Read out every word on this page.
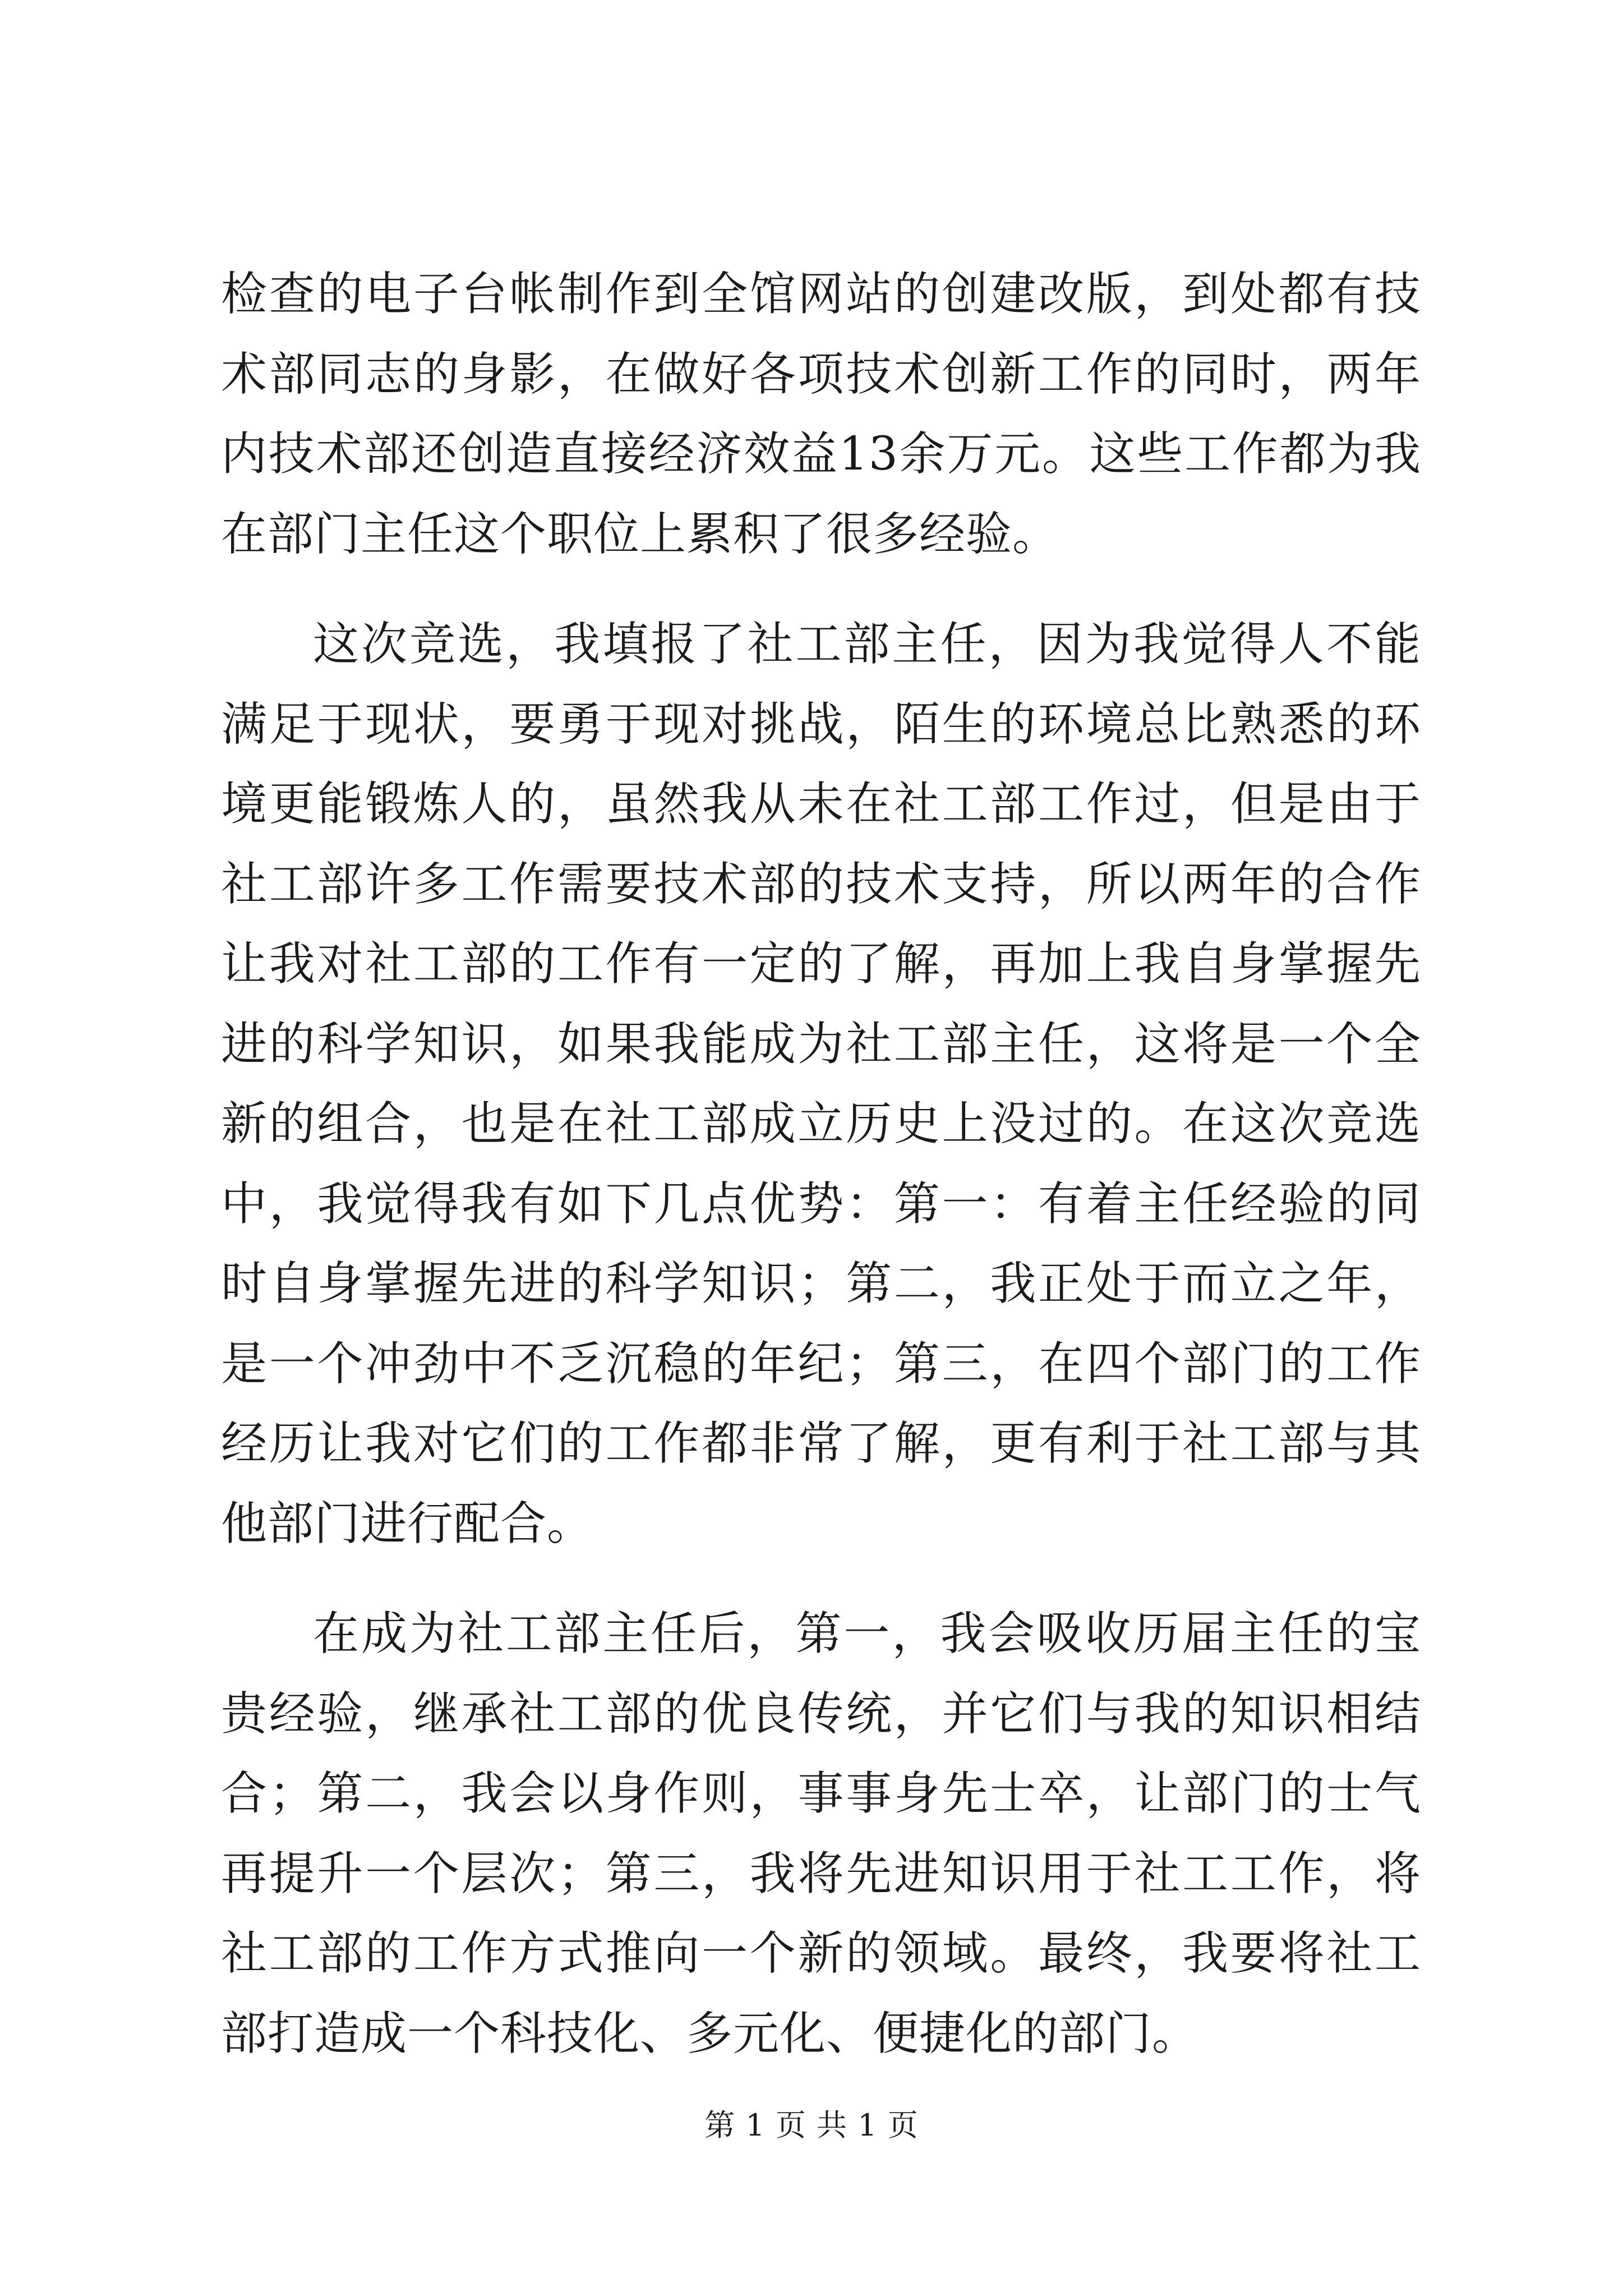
检查的电子台帐制作到全馆网站的创建改版，到处都有技术部同志的身影，在做好各项技术创新工作的同时，两年内技术部还创造直接经济效益13余万元。这些工作都为我在部门主任这个职位上累积了很多经验。

这次竞选，我填报了社工部主任，因为我觉得人不能满足于现状，要勇于现对挑战，陌生的环境总比熟悉的环境更能锻炼人的，虽然我从未在社工部工作过，但是由于社工部许多工作需要技术部的技术支持，所以两年的合作让我对社工部的工作有一定的了解，再加上我自身掌握先进的科学知识，如果我能成为社工部主任，这将是一个全新的组合，也是在社工部成立历史上没过的。在这次竞选中，我觉得我有如下几点优势：第一：有着主任经验的同时自身掌握先进的科学知识；第二，我正处于而立之年，是一个冲劲中不乏沉稳的年纪；第三，在四个部门的工作经历让我对它们的工作都非常了解，更有利于社工部与其他部门进行配合。

在成为社工部主任后，第一，我会吸收历届主任的宝贵经验，继承社工部的优良传统，并它们与我的知识相结合；第二，我会以身作则，事事身先士卒，让部门的士气再提升一个层次；第三，我将先进知识用于社工工作，将社工部的工作方式推向一个新的领域。最终，我要将社工部打造成一个科技化、多元化、便捷化的部门。

第 1 页 共 1 页
